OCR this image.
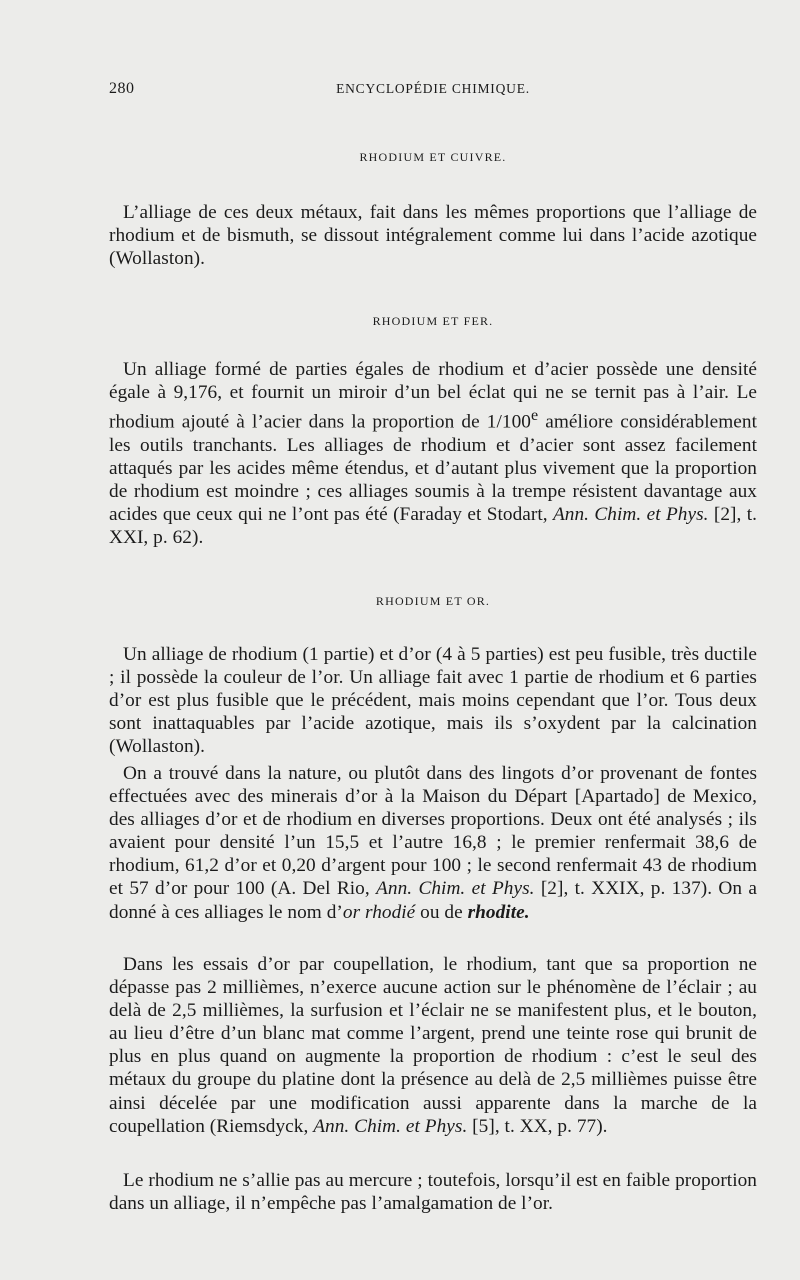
280	ENCYCLOPÉDIE CHIMIQUE.
RHODIUM ET CUIVRE.

L’alliage de ces deux métaux, fait dans les mêmes proportions que l’alliage de rhodium et de bismuth, se dissout intégralement comme lui dans l’acide azotique (Wollaston).

RHODIUM ET FER.

Un alliage formé de parties égales de rhodium et d’acier possède une densité égale à 9,176, et fournit un miroir d’un bel éclat qui ne se ternit pas à l’air. Le rhodium ajouté à l’acier dans la proportion de 1/100e améliore considérablement les outils tranchants. Les alliages de rhodium et d’acier sont assez facilement attaqués par les acides même étendus, et d’autant plus vivement que la proportion de rhodium est moindre ; ces alliages soumis à la trempe résistent davantage aux acides que ceux qui ne l’ont pas été (Faraday et Stodart, Ann. Chim. et Phys. [2], t. XXI, p. 62).

RHODIUM ET OR.

Un alliage de rhodium (1 partie) et d’or (4 à 5 parties) est peu fusible, très ductile ; il possède la couleur de l’or. Un alliage fait avec 1 partie de rhodium et 6 parties d’or est plus fusible que le précédent, mais moins cependant que l’or. Tous deux sont inattaquables par l’acide azotique, mais ils s’oxydent par la calcination (Wollaston).

On a trouvé dans la nature, ou plutôt dans des lingots d’or provenant de fontes effectuées avec des minerais d’or à la Maison du Départ [Apartado] de Mexico, des alliages d’or et de rhodium en diverses proportions. Deux ont été analysés ; ils avaient pour densité l’un 15,5 et l’autre 16,8 ; le premier renfermait 38,6 de rhodium, 61,2 d’or et 0,20 d’argent pour 100 ; le second renfermait 43 de rhodium et 57 d’or pour 100 (A. Del Rio, Ann. Chim. et Phys. [2], t. XXIX, p. 137). On a donné à ces alliages le nom d’or rhodié ou de rhodite.

Dans les essais d’or par coupellation, le rhodium, tant que sa proportion ne dépasse pas 2 millièmes, n’exerce aucune action sur le phénomène de l’éclair ; au delà de 2,5 millièmes, la surfusion et l’éclair ne se manifestent plus, et le bouton, au lieu d’être d’un blanc mat comme l’argent, prend une teinte rose qui brunit de plus en plus quand on augmente la proportion de rhodium : c’est le seul des métaux du groupe du platine dont la présence au delà de 2,5 millièmes puisse être ainsi décelée par une modification aussi apparente dans la marche de la coupellation (Riemsdyck, Ann. Chim. et Phys. [5], t. XX, p. 77).

Le rhodium ne s’allie pas au mercure ; toutefois, lorsqu’il est en faible proportion dans un alliage, il n’empêche pas l’amalgamation de l’or.
